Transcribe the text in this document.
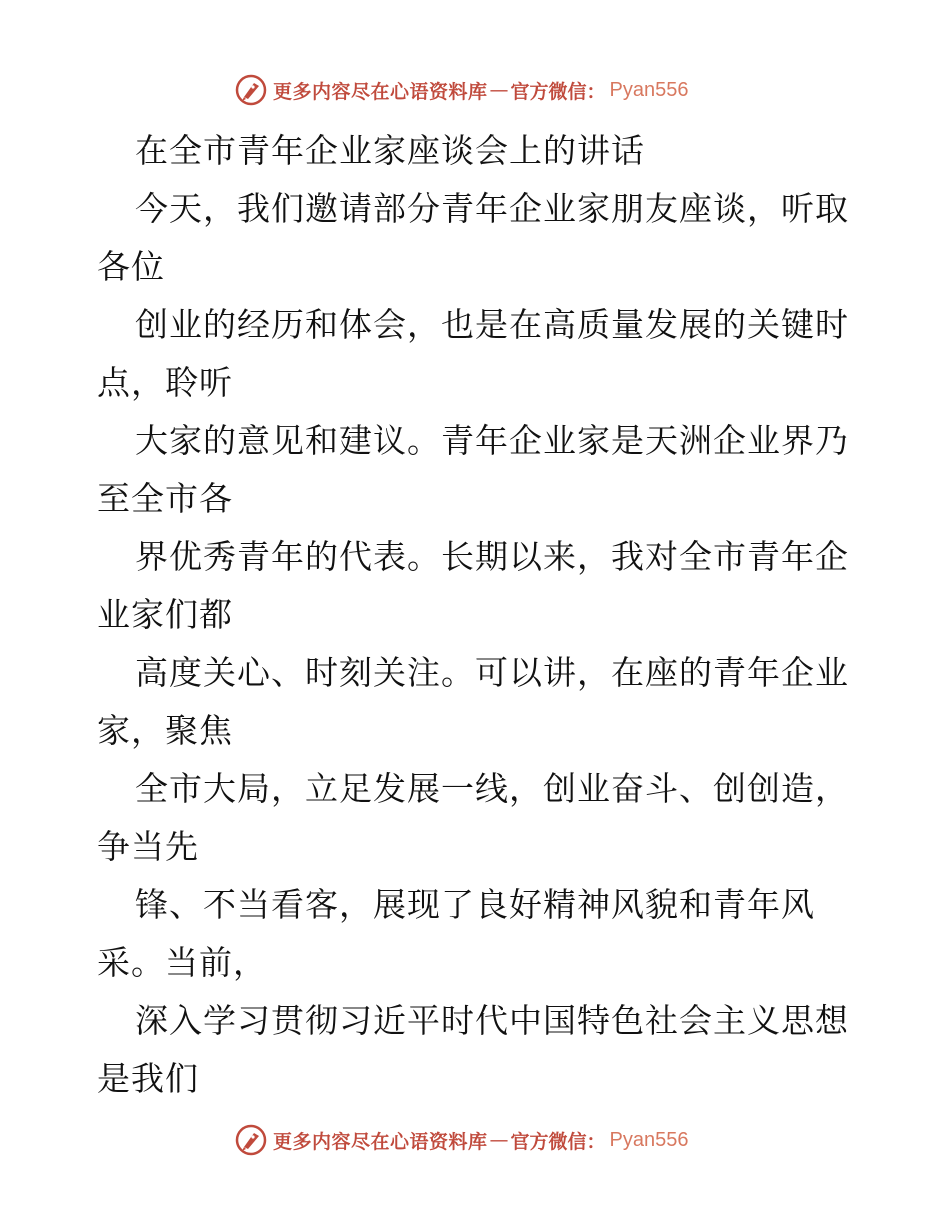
更多内容尽在心语资料库 — 官方微信： Pyan556
在全市青年企业家座谈会上的讲话
今天，我们邀请部分青年企业家朋友座谈，听取
各位
创业的经历和体会，也是在高质量发展的关键时
点，聆听
大家的意见和建议。青年企业家是天洲企业界乃
至全市各
界优秀青年的代表。长期以来，我对全市青年企
业家们都
高度关心、时刻关注。可以讲，在座的青年企业
家，聚焦
全市大局，立足发展一线，创业奋斗、创创造，
争当先
锋、不当看客，展现了良好精神风貌和青年风
采。当前，
深入学习贯彻习近平时代中国特色社会主义思想
是我们
更多内容尽在心语资料库 — 官方微信： Pyan556
